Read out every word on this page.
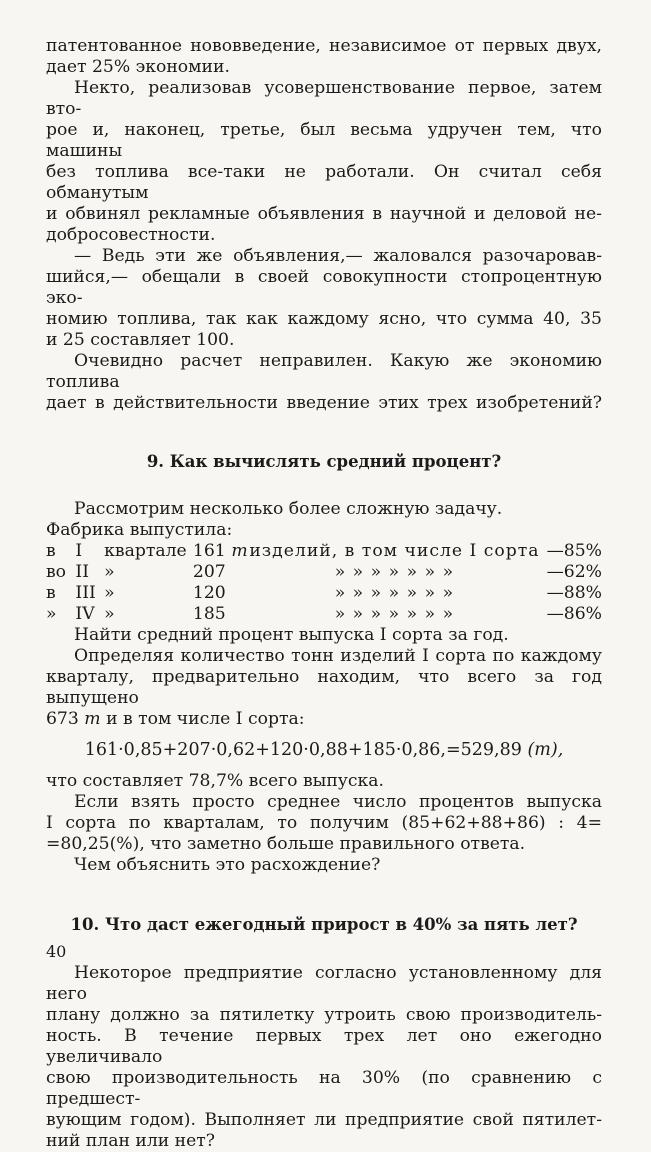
патентованное нововведение, независимое от первых двух,
дает 25% экономии.
Некто, реализовав усовершенствование первое, затем вто-
рое и, наконец, третье, был весьма удручен тем, что машины
без топлива все-таки не работали. Он считал себя обманутым
и обвинял рекламные объявления в научной и деловой не-
добросовестности.
— Ведь эти же объявления,— жаловался разочаровав-
шийся,— обещали в своей совокупности стопроцентную эко-
номию топлива, так как каждому ясно, что сумма 40, 35
и 25 составляет 100.
Очевидно расчет неправилен. Какую же экономию топлива
дает в действительности введение этих трех изобретений?
9. Как вычислять средний процент?
Рассмотрим несколько более сложную задачу.
Фабрика выпустила:
в	I	квартале	161	m	изделий, в том числе I сорта	—85%
во	II	»	207		» » » » » » »	—62%
в	III	»	120		» » » » » » »	—88%
»	IV	»	185		» » » » » » »	—86%
Найти средний процент выпуска I сорта за год.
Определяя количество тонн изделий I сорта по каждому
кварталу, предварительно находим, что всего за год выпущено
673 т и в том числе I сорта:
161·0,85+207·0,62+120·0,88+185·0,86,=529,89 (т),
что составляет 78,7% всего выпуска.
Если взять просто среднее число процентов выпуска
I сорта по кварталам, то получим (85+62+88+86) : 4=
=80,25(%), что заметно больше правильного ответа.
Чем объяснить это расхождение?
10. Что даст ежегодный прирост в 40% за пять лет?
Некоторое предприятие согласно установленному для него
плану должно за пятилетку утроить свою производитель-
ность. В течение первых трех лет оно ежегодно увеличивало
свою производительность на 30% (по сравнению с предшест-
вующим годом). Выполняет ли предприятие свой пятилет-
ний план или нет?
40
